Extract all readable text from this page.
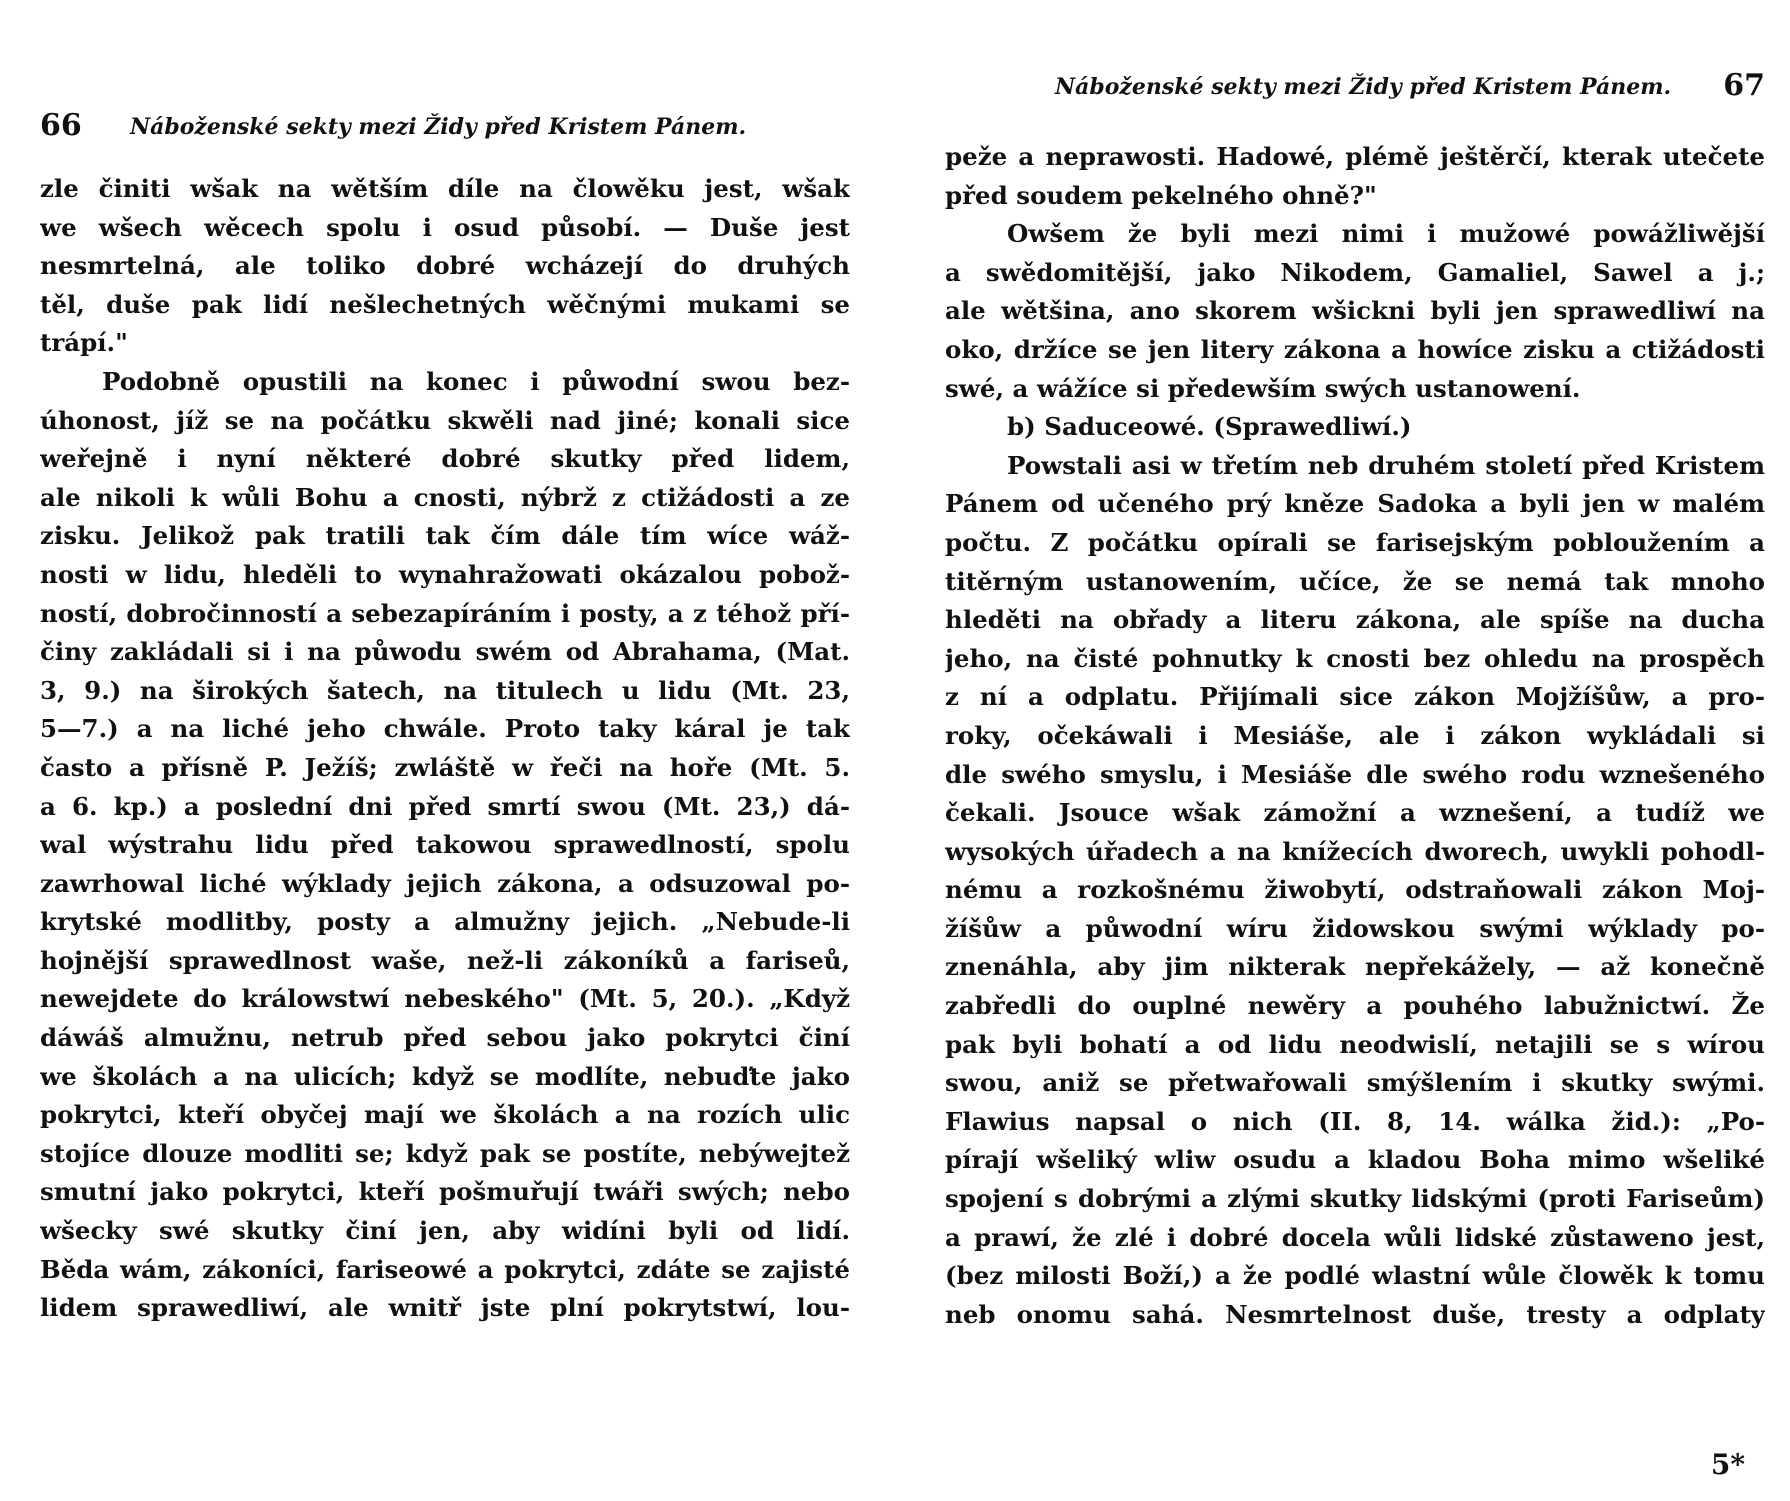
66 Náboženské sekty mezi Židy před Kristem Pánem.
zle činiti wšak na wětším díle na člowěku jest, wšak
we wšech wěcech spolu i osud působí. — Duše jest
nesmrtelná, ale toliko dobré wcházejí do druhých
těl, duše pak lidí nešlechetných wěčnými mukami se
trápí."
Podobně opustili na konec i půwodní swou bez-
úhonost, jíž se na počátku skwěli nad jiné; konali sice
weřejně i nyní některé dobré skutky před lidem,
ale nikoli k wůli Bohu a cnosti, nýbrž z ctižádosti a ze
zisku. Jelikož pak tratili tak čím dále tím wíce wáž-
nosti w lidu, hleděli to wynahražowati okázalou pobož-
ností, dobročinností a sebezapíráním i posty, a z téhož pří-
činy zakládali si i na půwodu swém od Abrahama, (Mat.
3, 9.) na širokých šatech, na titulech u lidu (Mt. 23,
5—7.) a na liché jeho chwále. Proto taky káral je tak
často a přísně P. Ježíš; zwláště w řeči na hoře (Mt. 5.
a 6. kp.) a poslední dni před smrtí swou (Mt. 23,) dá-
wal wýstrahu lidu před takowou sprawedlností, spolu
zawrhowal liché wýklady jejich zákona, a odsuzowal po-
krytské modlitby, posty a almužny jejich. „Nebude-li
hojnější sprawedlnost waše, než-li zákoníků a fariseů,
newejdete do králowstwí nebeského" (Mt. 5, 20.). „Když
dáwáš almužnu, netrub před sebou jako pokrytci činí
we školách a na ulicích; když se modlíte, nebuďte jako
pokrytci, kteří obyčej mají we školách a na rozích ulic
stojíce dlouze modliti se; když pak se postíte, nebýwejtež
smutní jako pokrytci, kteří pošmuřují twáři swých; nebo
wšecky swé skutky činí jen, aby widíni byli od lidí.
Běda wám, zákoníci, fariseowé a pokrytci, zdáte se zajisté
lidem sprawedliwí, ale wnitř jste plní pokrytstwí, lou-
Náboženské sekty mezi Židy před Kristem Pánem. 67
peže a neprawosti. Hadowé, plémě ještěrčí, kterak utečete
před soudem pekelného ohně?"
Owšem že byli mezi nimi i mužowé powážliwější
a swědomitější, jako Nikodem, Gamaliel, Sawel a j.;
ale wětšina, ano skorem wšickni byli jen sprawedliwí na
oko, držíce se jen litery zákona a howíce zisku a ctižádosti
swé, a wážíce si předewším swých ustanowení.
b) Saduceowé. (Sprawedliwí.)
Powstali asi w třetím neb druhém století před Kristem
Pánem od učeného prý kněze Sadoka a byli jen w malém
počtu. Z počátku opírali se farisejským pobloužením a
titěrným ustanowením, učíce, že se nemá tak mnoho
hleděti na obřady a literu zákona, ale spíše na ducha
jeho, na čisté pohnutky k cnosti bez ohledu na prospěch
z ní a odplatu. Přijímali sice zákon Mojžíšůw, a pro-
roky, očekáwali i Mesiáše, ale i zákon wykládali si
dle swého smyslu, i Mesiáše dle swého rodu wznešeného
čekali. Jsouce wšak zámožní a wznešení, a tudíž we
wysokých úřadech a na knížecích dworech, uwykli pohodl-
nému a rozkošnému žiwobytí, odstraňowali zákon Moj-
žíšůw a půwodní wíru židowskou swými wýklady po-
znenáhla, aby jim nikterak nepřekážely, — až konečně
zabředli do ouplné newěry a pouhého labužnictwí. Že
pak byli bohatí a od lidu neodwislí, netajili se s wírou
swou, aniž se přetwařowali smýšlením i skutky swými.
Flawius napsal o nich (II. 8, 14. wálka žid.): „Po-
pírají wšeliký wliw osudu a kladou Boha mimo wšeliké
spojení s dobrými a zlými skutky lidskými (proti Fariseům)
a prawí, že zlé i dobré docela wůli lidské zůstaweno jest,
(bez milosti Boží,) a že podlé wlastní wůle člowěk k tomu
neb onomu sahá. Nesmrtelnost duše, tresty a odplaty
5*
